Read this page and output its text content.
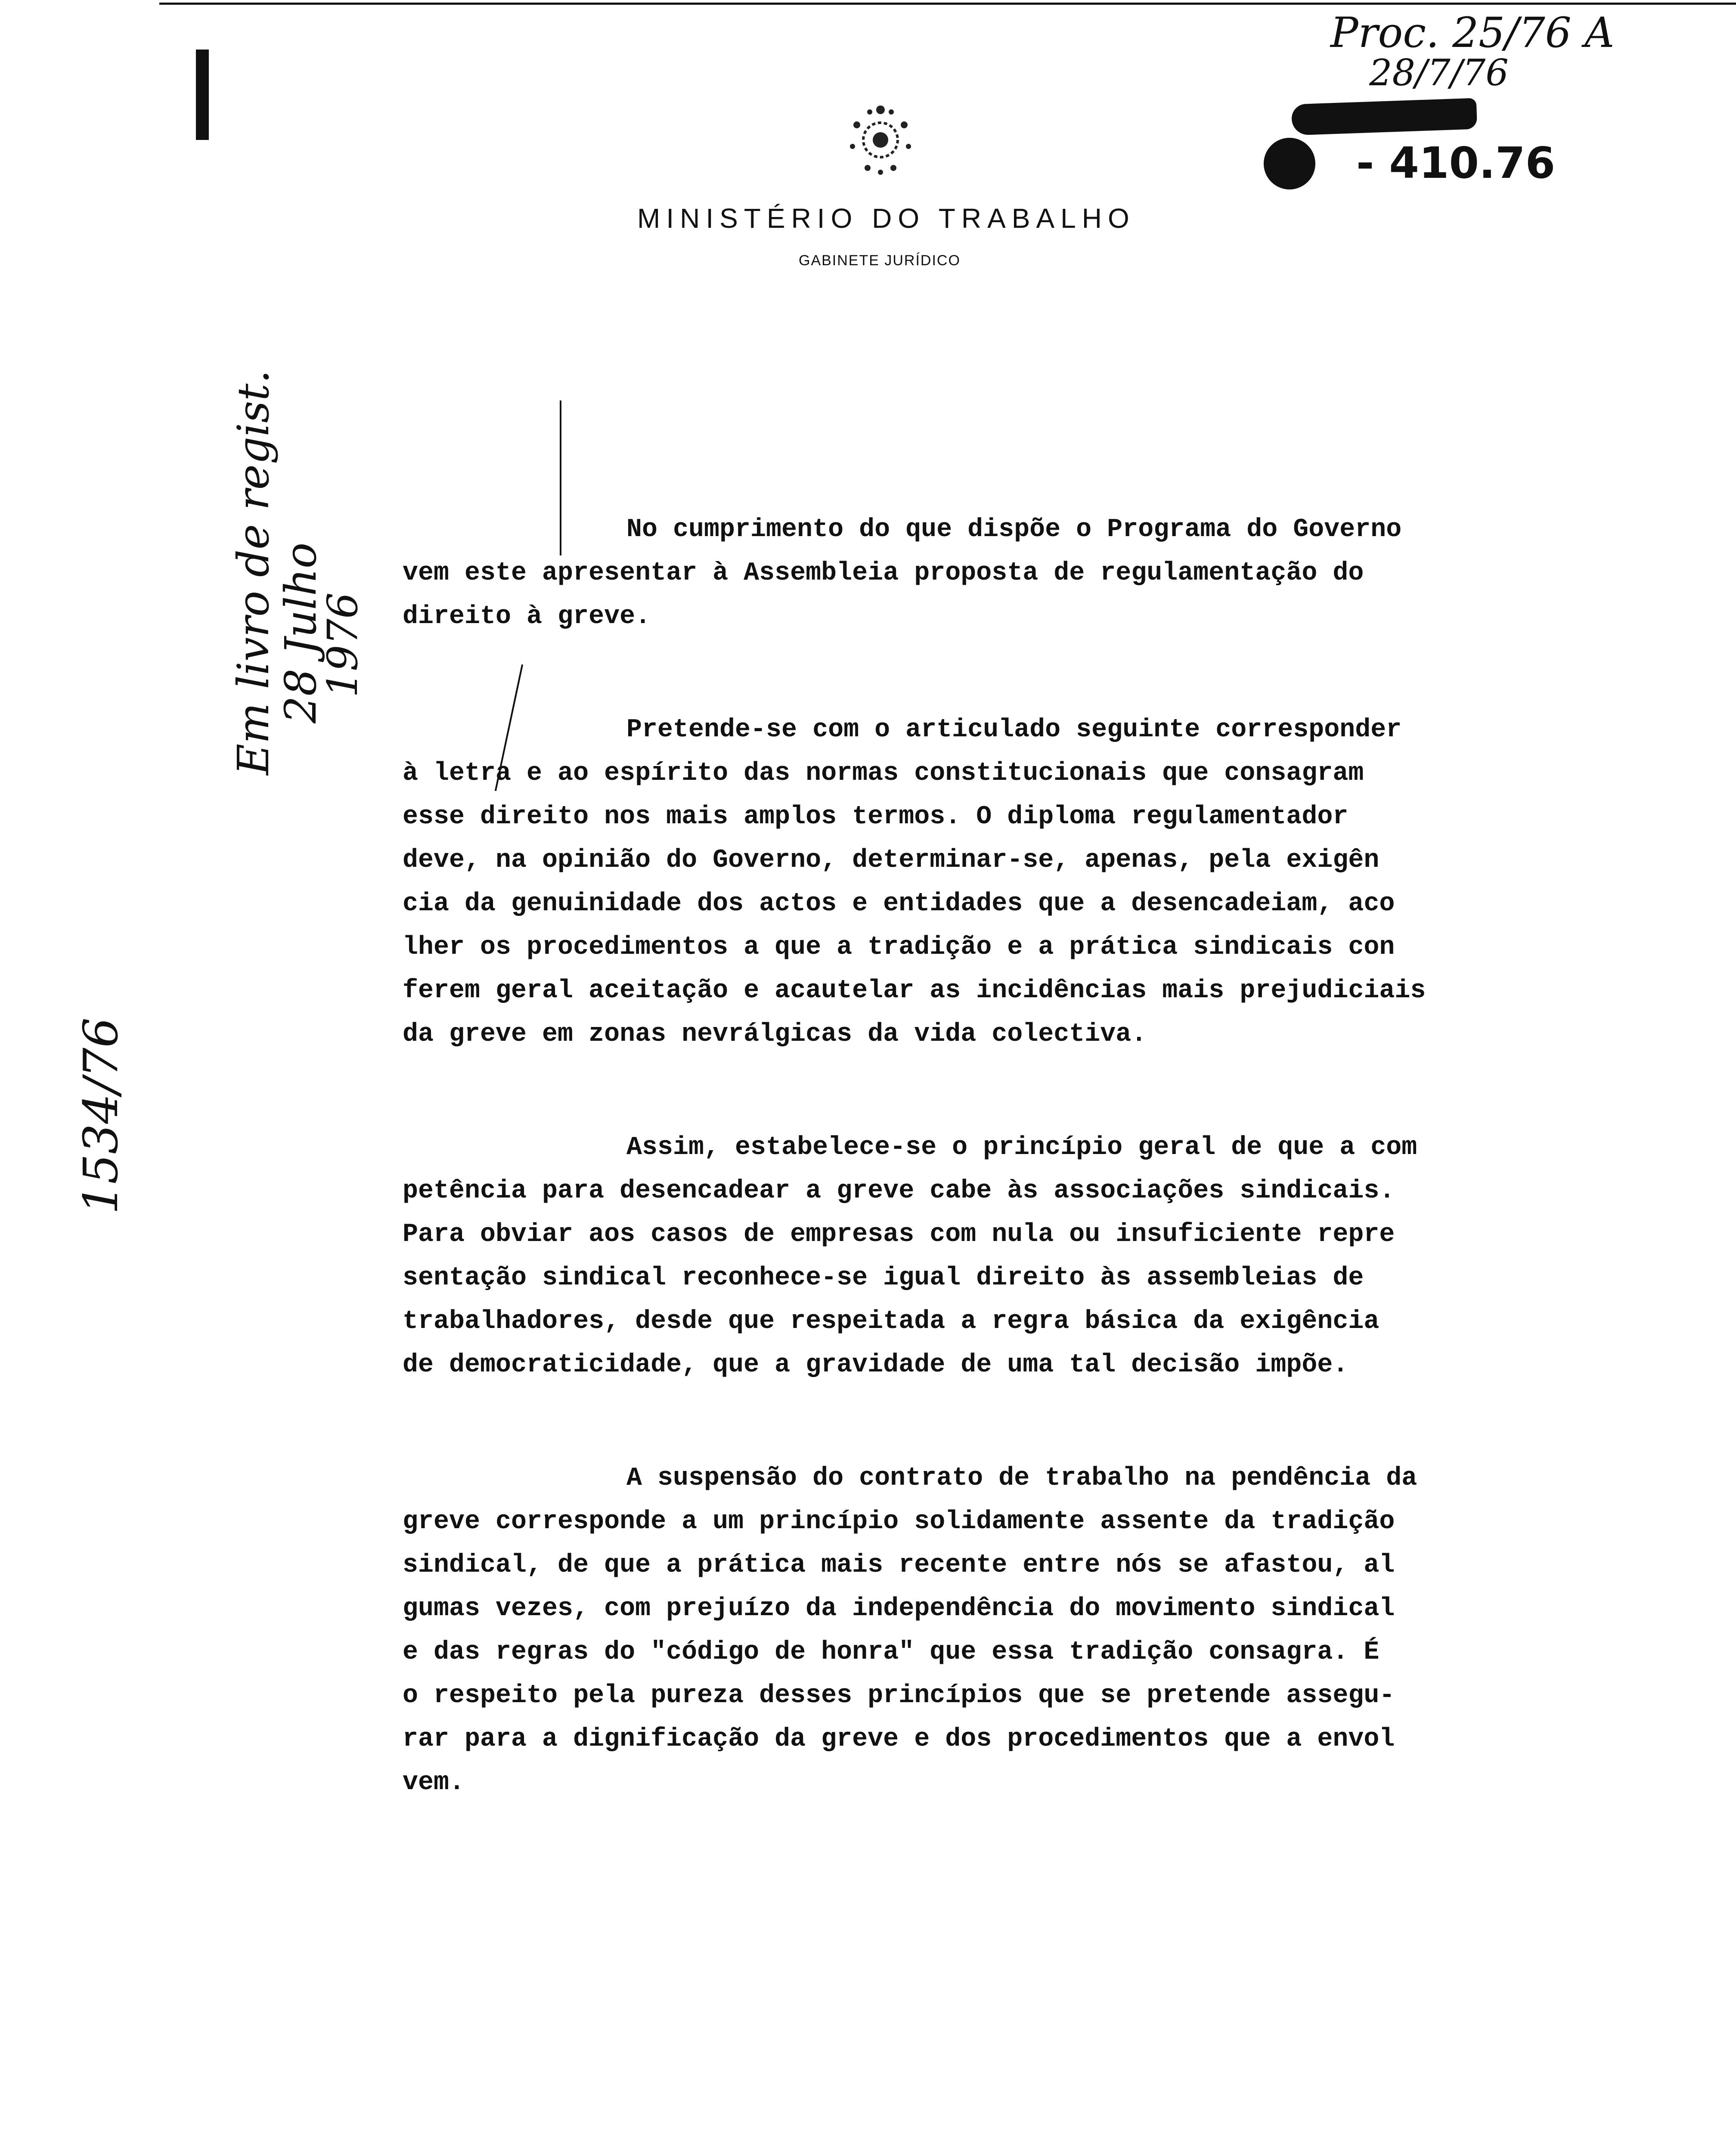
MINISTÉRIO DO TRABALHO
GABINETE JURÍDICO
Proc. 25/76 A
28/7/76
- 410.76
1534/76
Em livro de regist.
28 Julho
1976
No cumprimento do que dispõe o Programa do Governo
vem este apresentar à Assembleia proposta de regulamentação do
direito à greve.
Pretende-se com o articulado seguinte corresponder
à letra e ao espírito das normas constitucionais que consagram
esse direito nos mais amplos termos. O diploma regulamentador
deve, na opinião do Governo, determinar-se, apenas, pela exigên
cia da genuinidade dos actos e entidades que a desencadeiam, aco
lher os procedimentos a que a tradição e a prática sindicais con
ferem geral aceitação e acautelar as incidências mais prejudiciais
da greve em zonas nevrálgicas da vida colectiva.
Assim, estabelece-se o princípio geral de que a com
petência para desencadear a greve cabe às associações sindicais.
Para obviar aos casos de empresas com nula ou insuficiente repre
sentação sindical reconhece-se igual direito às assembleias de
trabalhadores, desde que respeitada a regra básica da exigência
de democraticidade, que a gravidade de uma tal decisão impõe.
A suspensão do contrato de trabalho na pendência da
greve corresponde a um princípio solidamente assente da tradição
sindical, de que a prática mais recente entre nós se afastou, al
gumas vezes, com prejuízo da independência do movimento sindical
e das regras do "código de honra" que essa tradição consagra. É
o respeito pela pureza desses princípios que se pretende assegu-
rar para a dignificação da greve e dos procedimentos que a envol
vem.
